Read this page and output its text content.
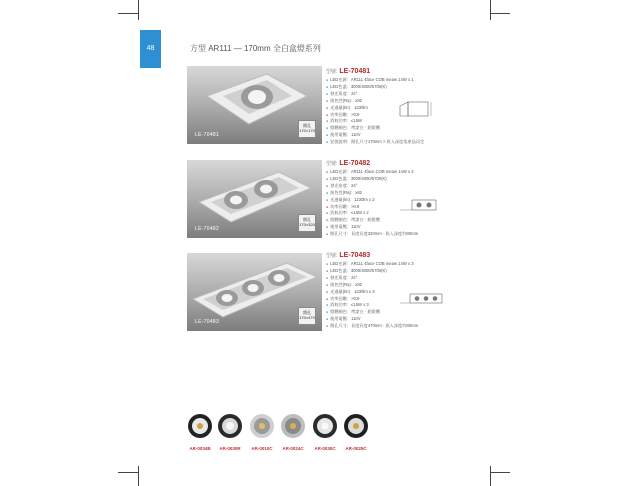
48	方型 AR111 — 170mm 全白盒燈系列
LE-70481
開孔
170×170
型號: LE-70481
● LED光源：AR111 4face COB meaw 14W x 1
● LED色溫：3000/4000/5700(K)
● 發光角度：24°
● 演色性(Ra)：≥82
● 光通量(lm)：1230lm
● 功率因數：>0.9
● 消耗功率：≤15W
● 燈體顏色：烤漆白 · 鋁燈體
● 使用電壓：110V
● 安裝說明：開孔尺寸170mm × 崁入深度依產品而定
LE-70482
開孔
170×320
型號: LE-70482
● LED光源：AR111 4face COB meaw 14W x 2
● LED色溫：3000/4000/5700(K)
● 發光角度：24°
● 演色性(Ra)：≥82
● 光通量(lm)：1230lm x 2
● 功率因數：>0.9
● 消耗功率：≤15W x 2
● 燈體顏色：烤漆白 · 鋁燈體
● 使用電壓：110V
● 開孔尺寸：長度長度320mm · 崁入深度約80mm
LE-70483
開孔
170×470
型號: LE-70483
● LED光源：AR111 4face COB meaw 14W x 3
● LED色溫：3000/4000/5700(K)
● 發光角度：24°
● 演色性(Ra)：≥82
● 光通量(lm)：1230lm x 3
● 功率因數：>0.9
● 消耗功率：≤15W x 3
● 燈體顏色：烤漆白 · 鋁燈體
● 使用電壓：110V
● 開孔尺寸：長度長度470mm · 崁入深度約80mm
AR-0034B	AR-0030R	AR-0010C	AR-0024C	AR-0030C	AR-0025C
